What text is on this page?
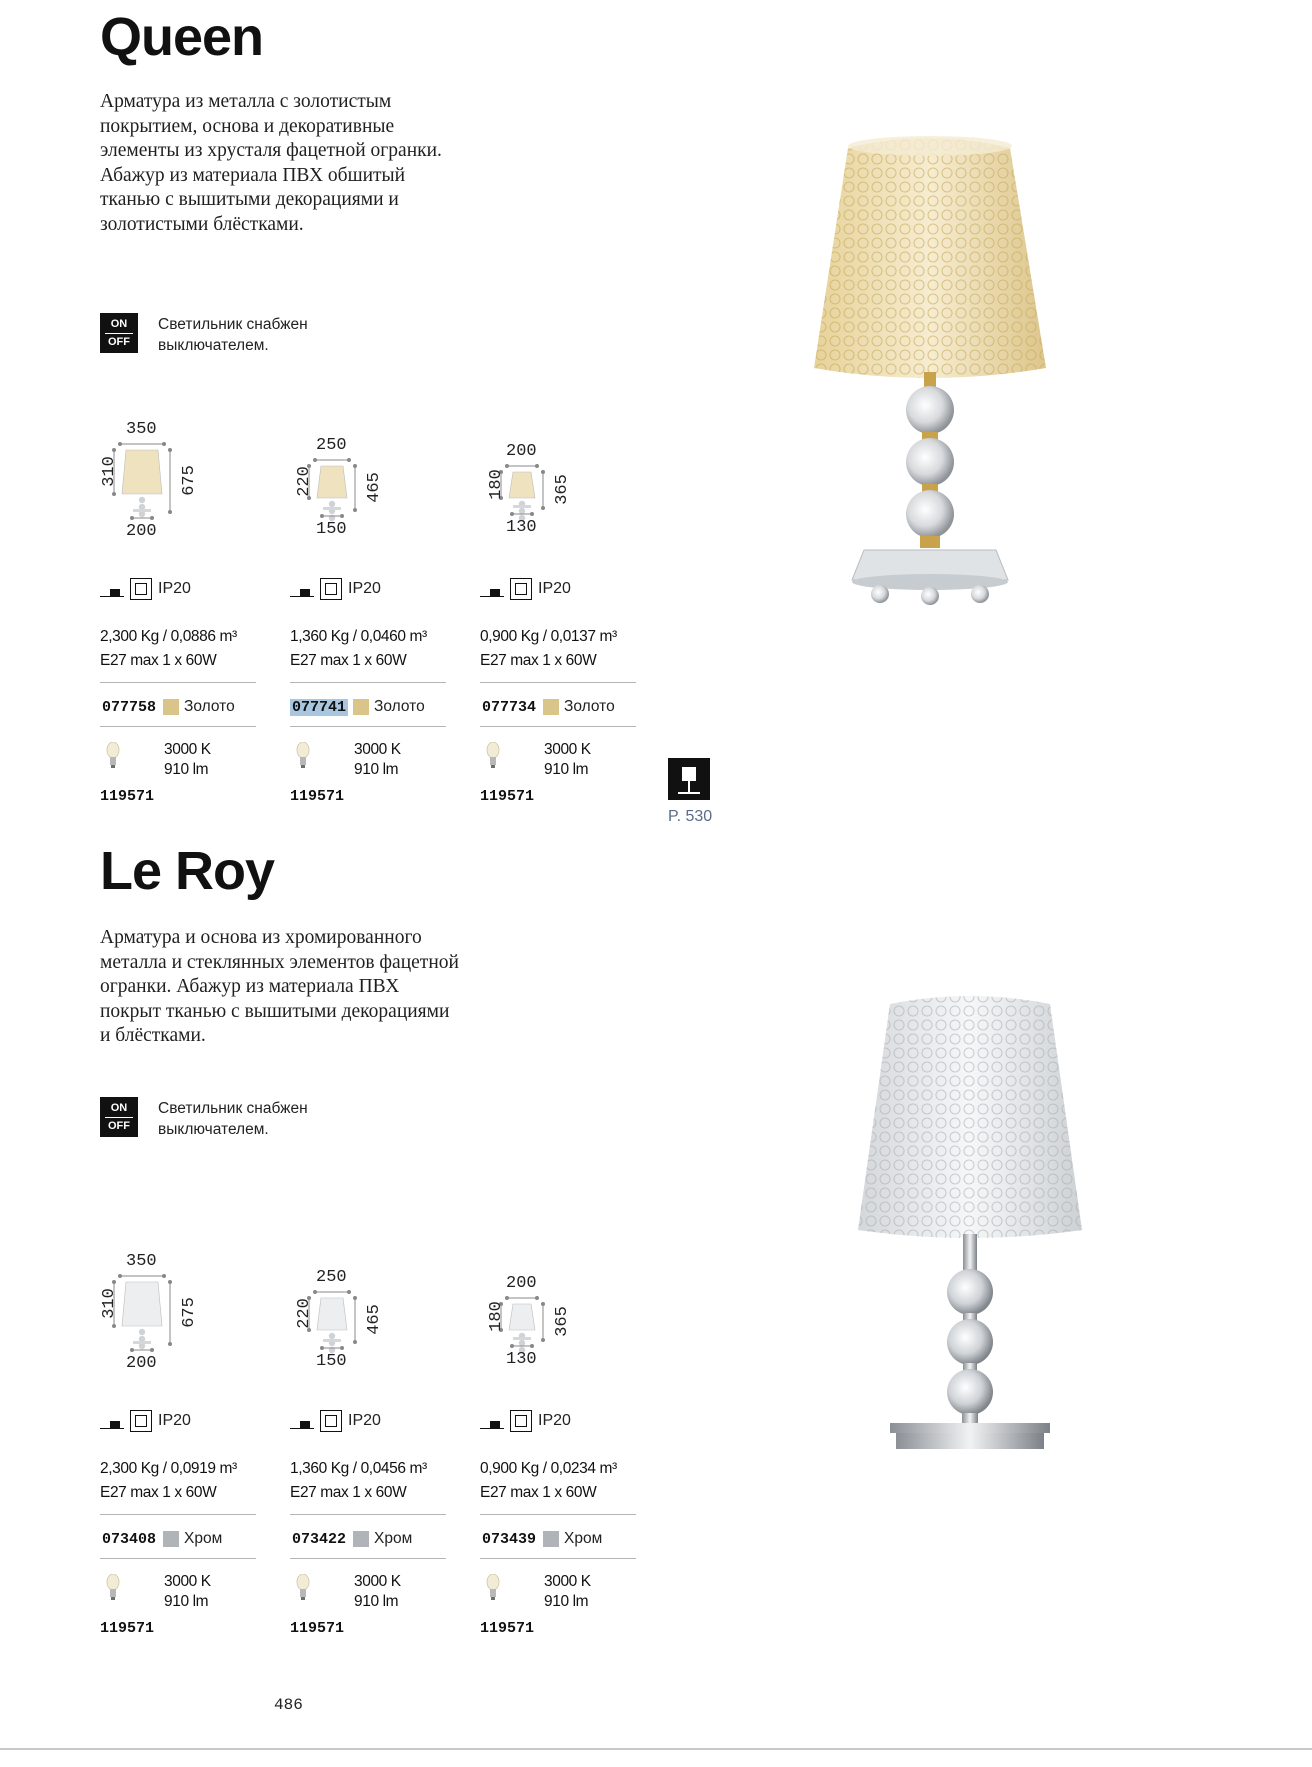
Queen

Арматура из металла с золотистым покрытием, основа и декоративные элементы из хрусталя фацетной огранки. Абажур из материала ПВХ обшитый тканью с вышитыми декорациями и золотистыми блёстками.

ON
OFF

Светильник снабжен выключателем.

350
310	675
200
IP20
2,300 Kg / 0,0886 m³
E27 max 1 x 60W
077758 Золото
3000 K
910 lm
119571
250
220	465
150
IP20
1,360 Kg / 0,0460 m³
E27 max 1 x 60W
077741 Золото
3000 K
910 lm
119571
200
180	365
130
IP20
0,900 Kg / 0,0137 m³
E27 max 1 x 60W
077734 Золото
3000 K
910 lm
119571
P. 530
Le Roy

Арматура и основа из хромированного металла и стеклянных элементов фацетной огранки. Абажур из материала ПВХ покрыт тканью с вышитыми декорациями и блёстками.

ON
OFF

Светильник снабжен выключателем.

350
310	675
200
IP20
2,300 Kg / 0,0919 m³
E27 max 1 x 60W
073408 Хром
3000 K
910 lm
119571
250
220	465
150
IP20
1,360 Kg / 0,0456 m³
E27 max 1 x 60W
073422 Хром
3000 K
910 lm
119571
200
180	365
130
IP20
0,900 Kg / 0,0234 m³
E27 max 1 x 60W
073439 Хром
3000 K
910 lm
119571
486
